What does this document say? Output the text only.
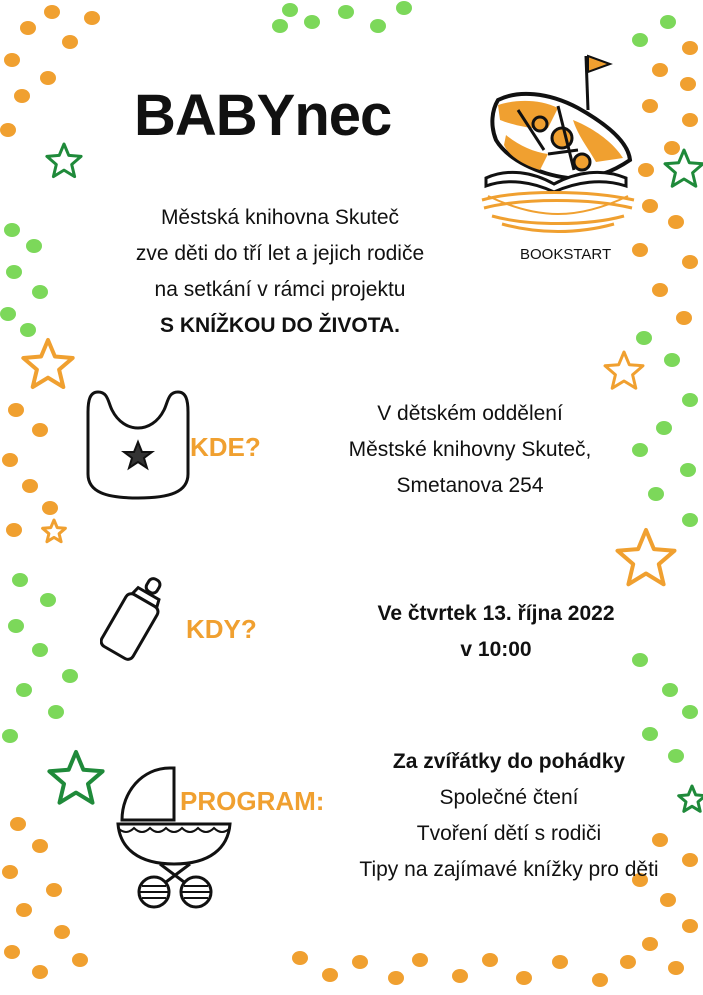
BABYnec
BOOKSTART
Městská knihovna Skuteč
zve děti do tří let a jejich rodiče
na setkání v rámci projektu
S KNÍŽKOU DO ŽIVOTA.
KDE?
V dětském oddělení
Městské knihovny Skuteč,
Smetanova 254
KDY?
Ve čtvrtek 13. října 2022
v 10:00
PROGRAM:
Za zvířátky do pohádky
Společné čtení
Tvoření dětí s rodiči
Tipy na zajímavé knížky pro děti
